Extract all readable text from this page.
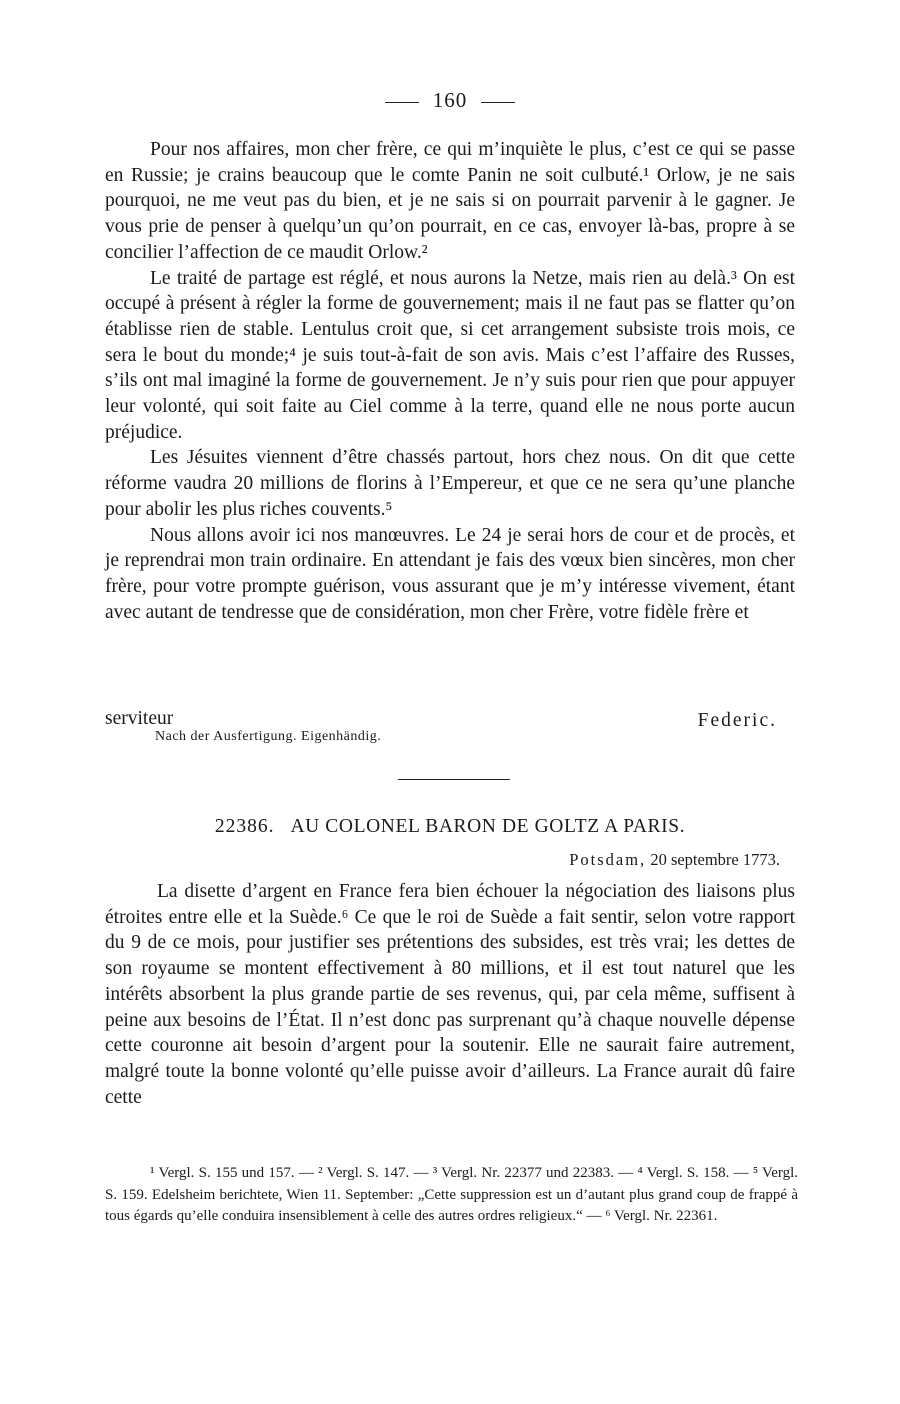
160

Pour nos affaires, mon cher frère, ce qui m’inquiète le plus, c’est ce qui se passe en Russie; je crains beaucoup que le comte Panin ne soit culbuté.¹ Orlow, je ne sais pourquoi, ne me veut pas du bien, et je ne sais si on pourrait parvenir à le gagner. Je vous prie de penser à quelqu’un qu’on pourrait, en ce cas, envoyer là-bas, propre à se concilier l’affection de ce maudit Orlow.²

Le traité de partage est réglé, et nous aurons la Netze, mais rien au delà.³ On est occupé à présent à régler la forme de gouvernement; mais il ne faut pas se flatter qu’on établisse rien de stable. Lentulus croit que, si cet arrangement subsiste trois mois, ce sera le bout du monde;⁴ je suis tout-à-fait de son avis. Mais c’est l’affaire des Russes, s’ils ont mal imaginé la forme de gouvernement. Je n’y suis pour rien que pour appuyer leur volonté, qui soit faite au Ciel comme à la terre, quand elle ne nous porte aucun préjudice.

Les Jésuites viennent d’être chassés partout, hors chez nous. On dit que cette réforme vaudra 20 millions de florins à l’Empereur, et que ce ne sera qu’une planche pour abolir les plus riches couvents.⁵

Nous allons avoir ici nos manœuvres. Le 24 je serai hors de cour et de procès, et je reprendrai mon train ordinaire. En attendant je fais des vœux bien sincères, mon cher frère, pour votre prompte guérison, vous assurant que je m’y intéresse vivement, étant avec autant de tendresse que de considération, mon cher Frère, votre fidèle frère et

serviteur	Federic.
Nach der Ausfertigung. Eigenhändig.
22386. AU COLONEL BARON DE GOLTZ A PARIS.
Potsdam, 20 septembre 1773.

La disette d’argent en France fera bien échouer la négociation des liaisons plus étroites entre elle et la Suède.⁶ Ce que le roi de Suède a fait sentir, selon votre rapport du 9 de ce mois, pour justifier ses prétentions des subsides, est très vrai; les dettes de son royaume se montent effectivement à 80 millions, et il est tout naturel que les intérêts absorbent la plus grande partie de ses revenus, qui, par cela même, suffisent à peine aux besoins de l’État. Il n’est donc pas surprenant qu’à chaque nouvelle dépense cette couronne ait besoin d’argent pour la soutenir. Elle ne saurait faire autrement, malgré toute la bonne volonté qu’elle puisse avoir d’ailleurs. La France aurait dû faire cette

¹ Vergl. S. 155 und 157. — ² Vergl. S. 147. — ³ Vergl. Nr. 22377 und 22383. — ⁴ Vergl. S. 158. — ⁵ Vergl. S. 159. Edelsheim berichtete, Wien 11. September: „Cette suppression est un d’autant plus grand coup de frappé à tous égards qu’elle conduira insensiblement à celle des autres ordres religieux.“ — ⁶ Vergl. Nr. 22361.
